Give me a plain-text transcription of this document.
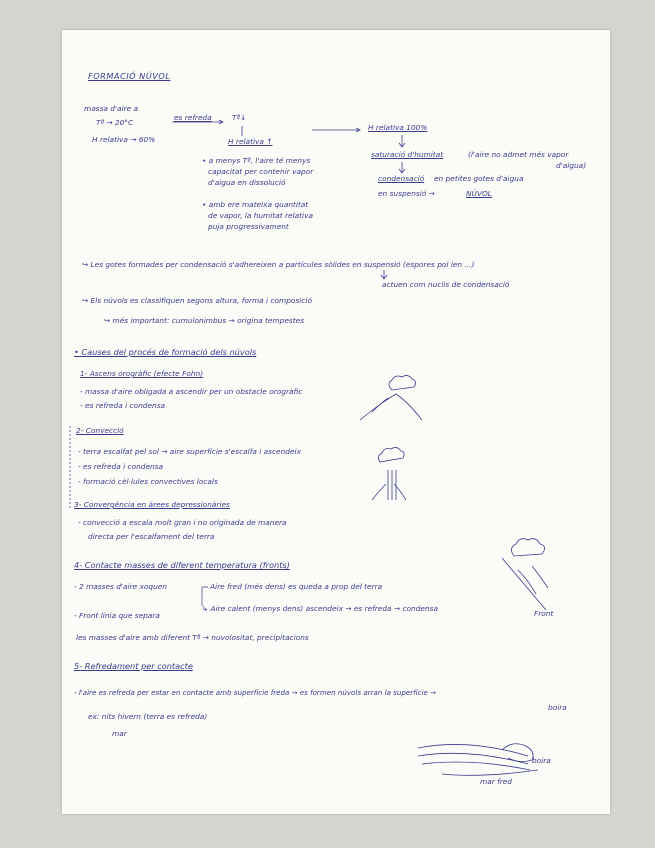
FORMACIÓ NÚVOL
massa d'aire a
Tª → 20°C
H relativa → 60%
es refreda	Tª↓
H relativa ↑
• a menys Tª, l'aire té menys
capacitat per contenir vapor
d'aigua en dissolució
• amb ere mateixa quantitat
de vapor, la humitat relativa
puja progressivament
H relativa 100%
saturació d'humitat	(l'aire no admet més vapor
d'aigua)
condensació en petites gotes d'aigua
en suspensió →	NÚVOL
↪ Les gotes formades per condensació s'adhereixen a partícules sòlides en suspensió (espores pol len ...)
actuen com nuclis de condensació
↪ Els núvols es classifiquen segons altura, forma i composició
↪ més important: cumulonimbus → origina tempestes
• Causes del procés de formació dels núvols
1- Ascens orogràfic (efecte Fohn)
- massa d'aire obligada a ascendir per un obstacle orogràfic
- es refreda i condensa
2- Convecció
- terra escalfat pel sol → aire superfície s'escalfa i ascendeix
- es refreda i condensa
- formació cèl·lules convectives locals
3- Convergència en àrees depressionàries
- convecció a escala molt gran i no originada de manera
directa per l'escalfament del terra
4- Contacte masses de diferent temperatura (fronts)
- 2 masses d'aire xoquen	Aire fred (més dens) es queda a prop del terra
↳ Aire calent (menys dens) ascendeix → es refreda → condensa
- Front línia que separa
les masses d'aire amb diferent Tª → nuvolositat, precipitacions
Front
5- Refredament per contacte
- l'aire es refreda per estar en contacte amb superfície freda → es formen núvols arran la superfície →
boira
ex: nits hivern (terra es refreda)
mar
boira
mar fred
